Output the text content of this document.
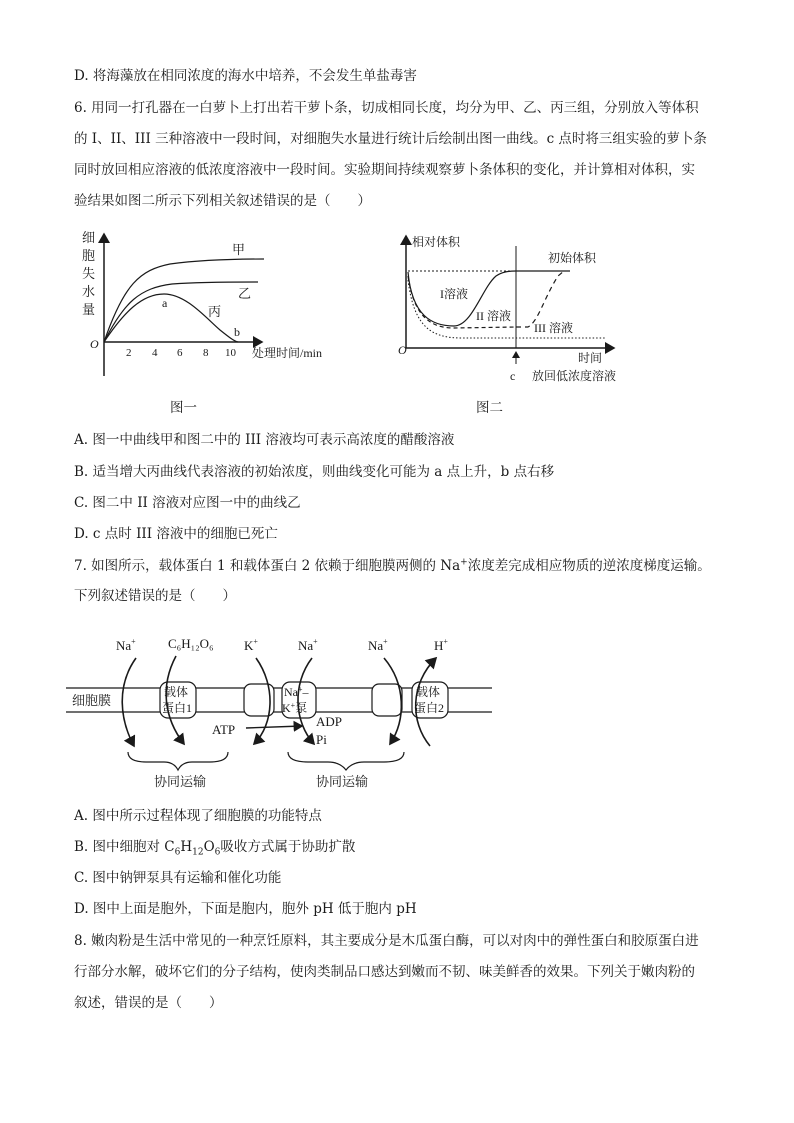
D. 将海藻放在相同浓度的海水中培养，不会发生单盐毒害
6. 用同一打孔器在一白萝卜上打出若干萝卜条，切成相同长度，均分为甲、乙、丙三组，分别放入等体积
的 I、II、III 三种溶液中一段时间，对细胞失水量进行统计后绘制出图一曲线。c 点时将三组实验的萝卜条
同时放回相应溶液的低浓度溶液中一段时间。实验期间持续观察萝卜条体积的变化，并计算相对体积，实
验结果如图二所示下列相关叙述错误的是（　　）
细
胞
失
水
量
O
2 4 6 8 10 处理时间/min
甲
乙
丙
a
b
图一
相对体积
O
初始体积
I溶液
II 溶液
III 溶液
时间
c 放回低浓度溶液
图二
A. 图一中曲线甲和图二中的 III 溶液均可表示高浓度的醋酸溶液
B. 适当增大丙曲线代表溶液的初始浓度，则曲线变化可能为 a 点上升，b 点右移
C. 图二中 II 溶液对应图一中的曲线乙
D. c 点时 III 溶液中的细胞已死亡
7. 如图所示，载体蛋白 1 和载体蛋白 2 依赖于细胞膜两侧的 Na+浓度差完成相应物质的逆浓度梯度运输。
下列叙述错误的是（　　）
细胞膜
载体
蛋白1
Na+–
K+泵
载体
蛋白2
Na+ C₆H₁₂O₆ K+	Na+	Na+	H+
ATP
ADP
Pi
协同运输	协同运输
A. 图中所示过程体现了细胞膜的功能特点
B. 图中细胞对 $C_6H_{12}O_6$吸收方式属于协助扩散
C. 图中钠钾泵具有运输和催化功能
D. 图中上面是胞外，下面是胞内，胞外 pH 低于胞内 pH
8. 嫩肉粉是生活中常见的一种烹饪原料，其主要成分是木瓜蛋白酶，可以对肉中的弹性蛋白和胶原蛋白进
行部分水解，破坏它们的分子结构，使肉类制品口感达到嫩而不韧、味美鲜香的效果。下列关于嫩肉粉的
叙述，错误的是（　　）
